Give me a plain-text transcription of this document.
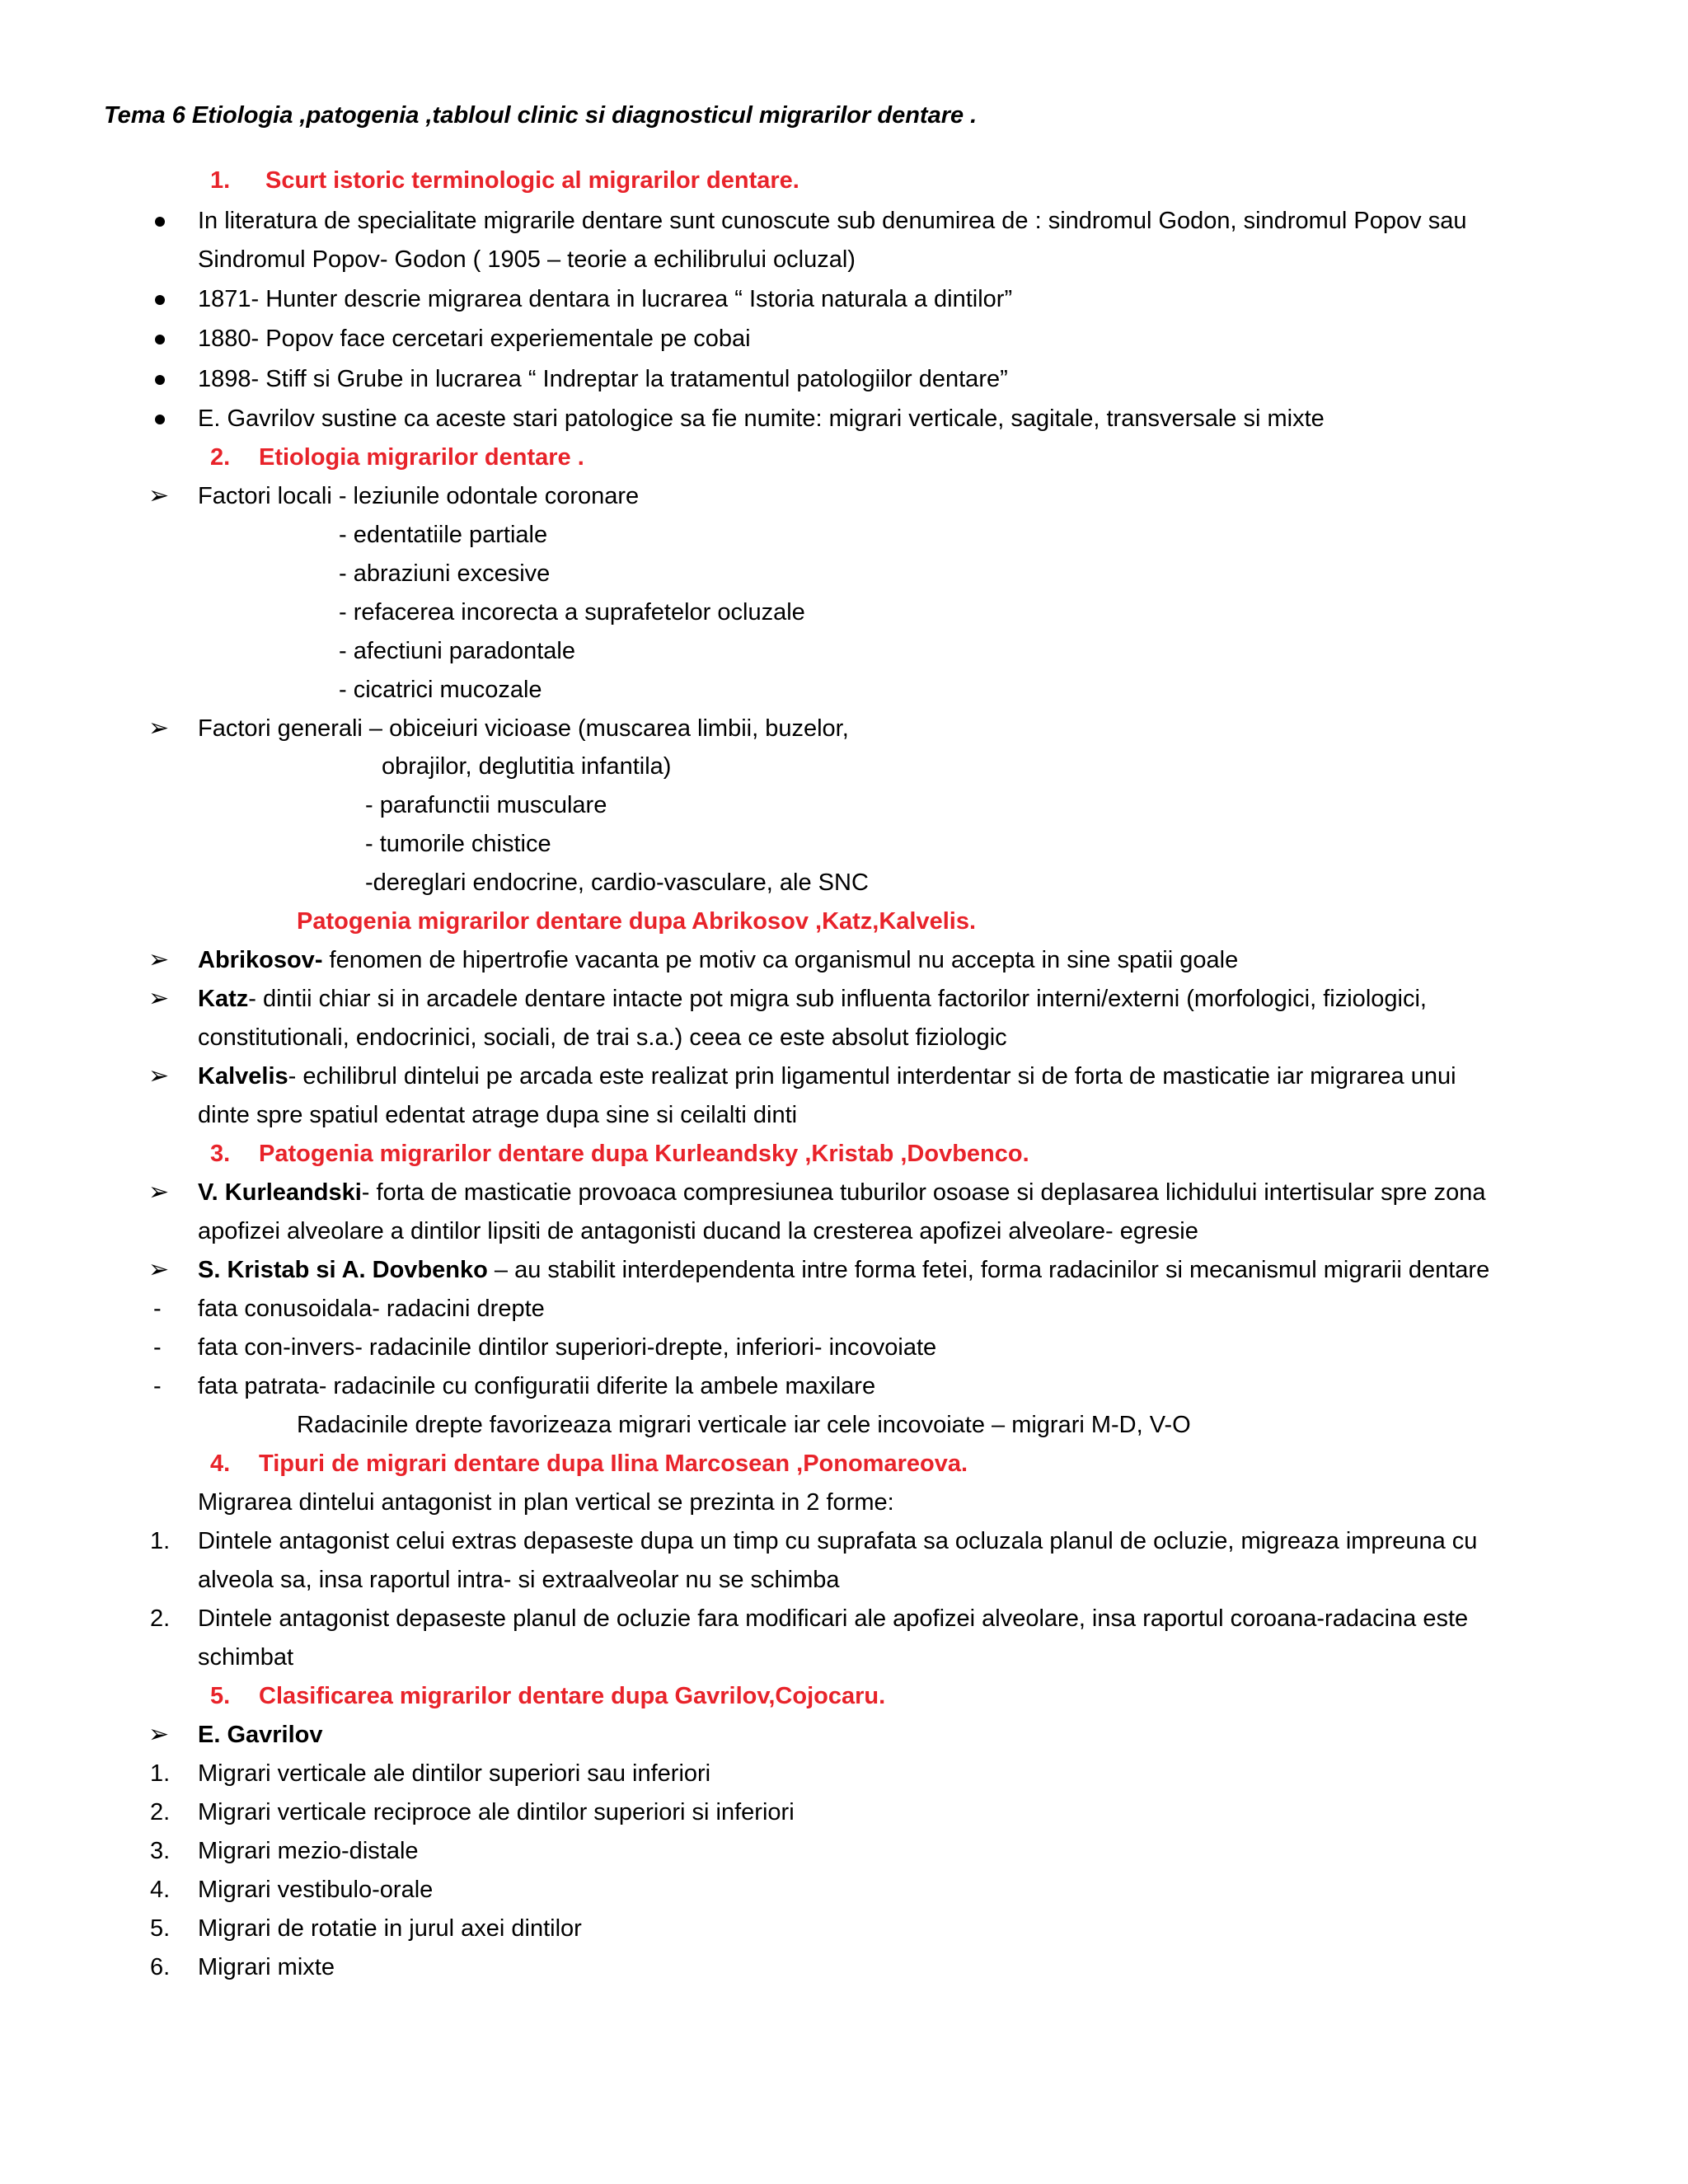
Tema 6 Etiologia ,patogenia ,tabloul clinic si diagnosticul migrarilor dentare .
1. Scurt istoric terminologic al migrarilor dentare.
In literatura de specialitate migrarile dentare sunt cunoscute sub denumirea de : sindromul Godon, sindromul Popov sau
Sindromul Popov- Godon ( 1905 – teorie a echilibrului ocluzal)
1871- Hunter descrie migrarea dentara in lucrarea “ Istoria naturala a dintilor”
1880- Popov face cercetari experiementale pe cobai
1898- Stiff si Grube in lucrarea “ Indreptar la tratamentul patologiilor dentare”
E. Gavrilov sustine ca aceste stari patologice sa fie numite: migrari verticale, sagitale, transversale si mixte
2. Etiologia migrarilor dentare .
➢ Factori locali - leziunile odontale coronare
- edentatiile partiale
- abraziuni excesive
- refacerea incorecta a suprafetelor ocluzale
- afectiuni paradontale
- cicatrici mucozale
➢ Factori generali – obiceiuri vicioase (muscarea limbii, buzelor,
obrajilor, deglutitia infantila)
- parafunctii musculare
- tumorile chistice
-dereglari endocrine, cardio-vasculare, ale SNC
Patogenia migrarilor dentare dupa Abrikosov ,Katz,Kalvelis.
➢ Abrikosov- fenomen de hipertrofie vacanta pe motiv ca organismul nu accepta in sine spatii goale
➢ Katz- dintii chiar si in arcadele dentare intacte pot migra sub influenta factorilor interni/externi (morfologici, fiziologici,
constitutionali, endocrinici, sociali, de trai s.a.) ceea ce este absolut fiziologic
➢ Kalvelis- echilibrul dintelui pe arcada este realizat prin ligamentul interdentar si de forta de masticatie iar migrarea unui
dinte spre spatiul edentat atrage dupa sine si ceilalti dinti
3. Patogenia migrarilor dentare dupa Kurleandsky ,Kristab ,Dovbenco.
➢ V. Kurleandski- forta de masticatie provoaca compresiunea tuburilor osoase si deplasarea lichidului intertisular spre zona
apofizei alveolare a dintilor lipsiti de antagonisti ducand la cresterea apofizei alveolare- egresie
➢ S. Kristab si A. Dovbenko – au stabilit interdependenta intre forma fetei, forma radacinilor si mecanismul migrarii dentare
- fata conusoidala- radacini drepte
- fata con-invers- radacinile dintilor superiori-drepte, inferiori- incovoiate
- fata patrata- radacinile cu configuratii diferite la ambele maxilare
Radacinile drepte favorizeaza migrari verticale iar cele incovoiate – migrari M-D, V-O
4. Tipuri de migrari dentare dupa Ilina Marcosean ,Ponomareova.
Migrarea dintelui antagonist in plan vertical se prezinta in 2 forme:
1. Dintele antagonist celui extras depaseste dupa un timp cu suprafata sa ocluzala planul de ocluzie, migreaza impreuna cu
alveola sa, insa raportul intra- si extraalveolar nu se schimba
2. Dintele antagonist depaseste planul de ocluzie fara modificari ale apofizei alveolare, insa raportul coroana-radacina este
schimbat
5. Clasificarea migrarilor dentare dupa Gavrilov,Cojocaru.
➢ E. Gavrilov
1. Migrari verticale ale dintilor superiori sau inferiori
2. Migrari verticale reciproce ale dintilor superiori si inferiori
3. Migrari mezio-distale
4. Migrari vestibulo-orale
5. Migrari de rotatie in jurul axei dintilor
6. Migrari mixte
